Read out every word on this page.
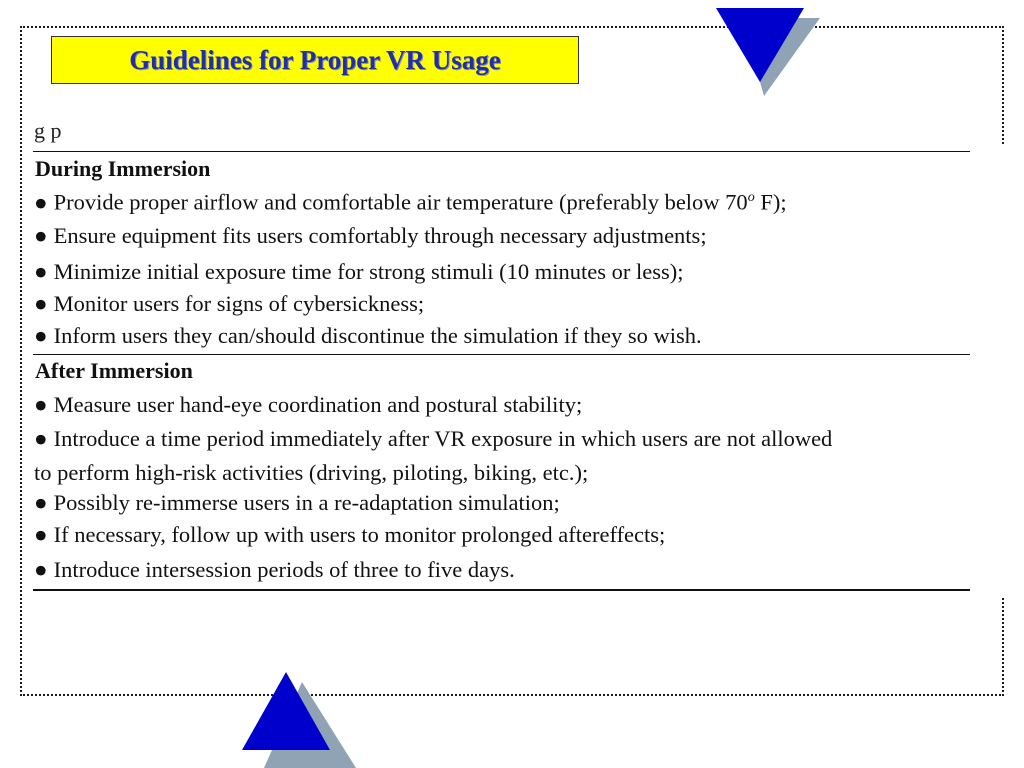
Guidelines for Proper VR Usage
g p
During Immersion
● Provide proper airflow and comfortable air temperature (preferably below 70$^o$ F);
● Ensure equipment fits users comfortably through necessary adjustments;
● Minimize initial exposure time for strong stimuli (10 minutes or less);
● Monitor users for signs of cybersickness;
● Inform users they can/should discontinue the simulation if they so wish.
After Immersion
● Measure user hand-eye coordination and postural stability;
● Introduce a time period immediately after VR exposure in which users are not allowed
to perform high-risk activities (driving, piloting, biking, etc.);
● Possibly re-immerse users in a re-adaptation simulation;
● If necessary, follow up with users to monitor prolonged aftereffects;
● Introduce intersession periods of three to five days.
